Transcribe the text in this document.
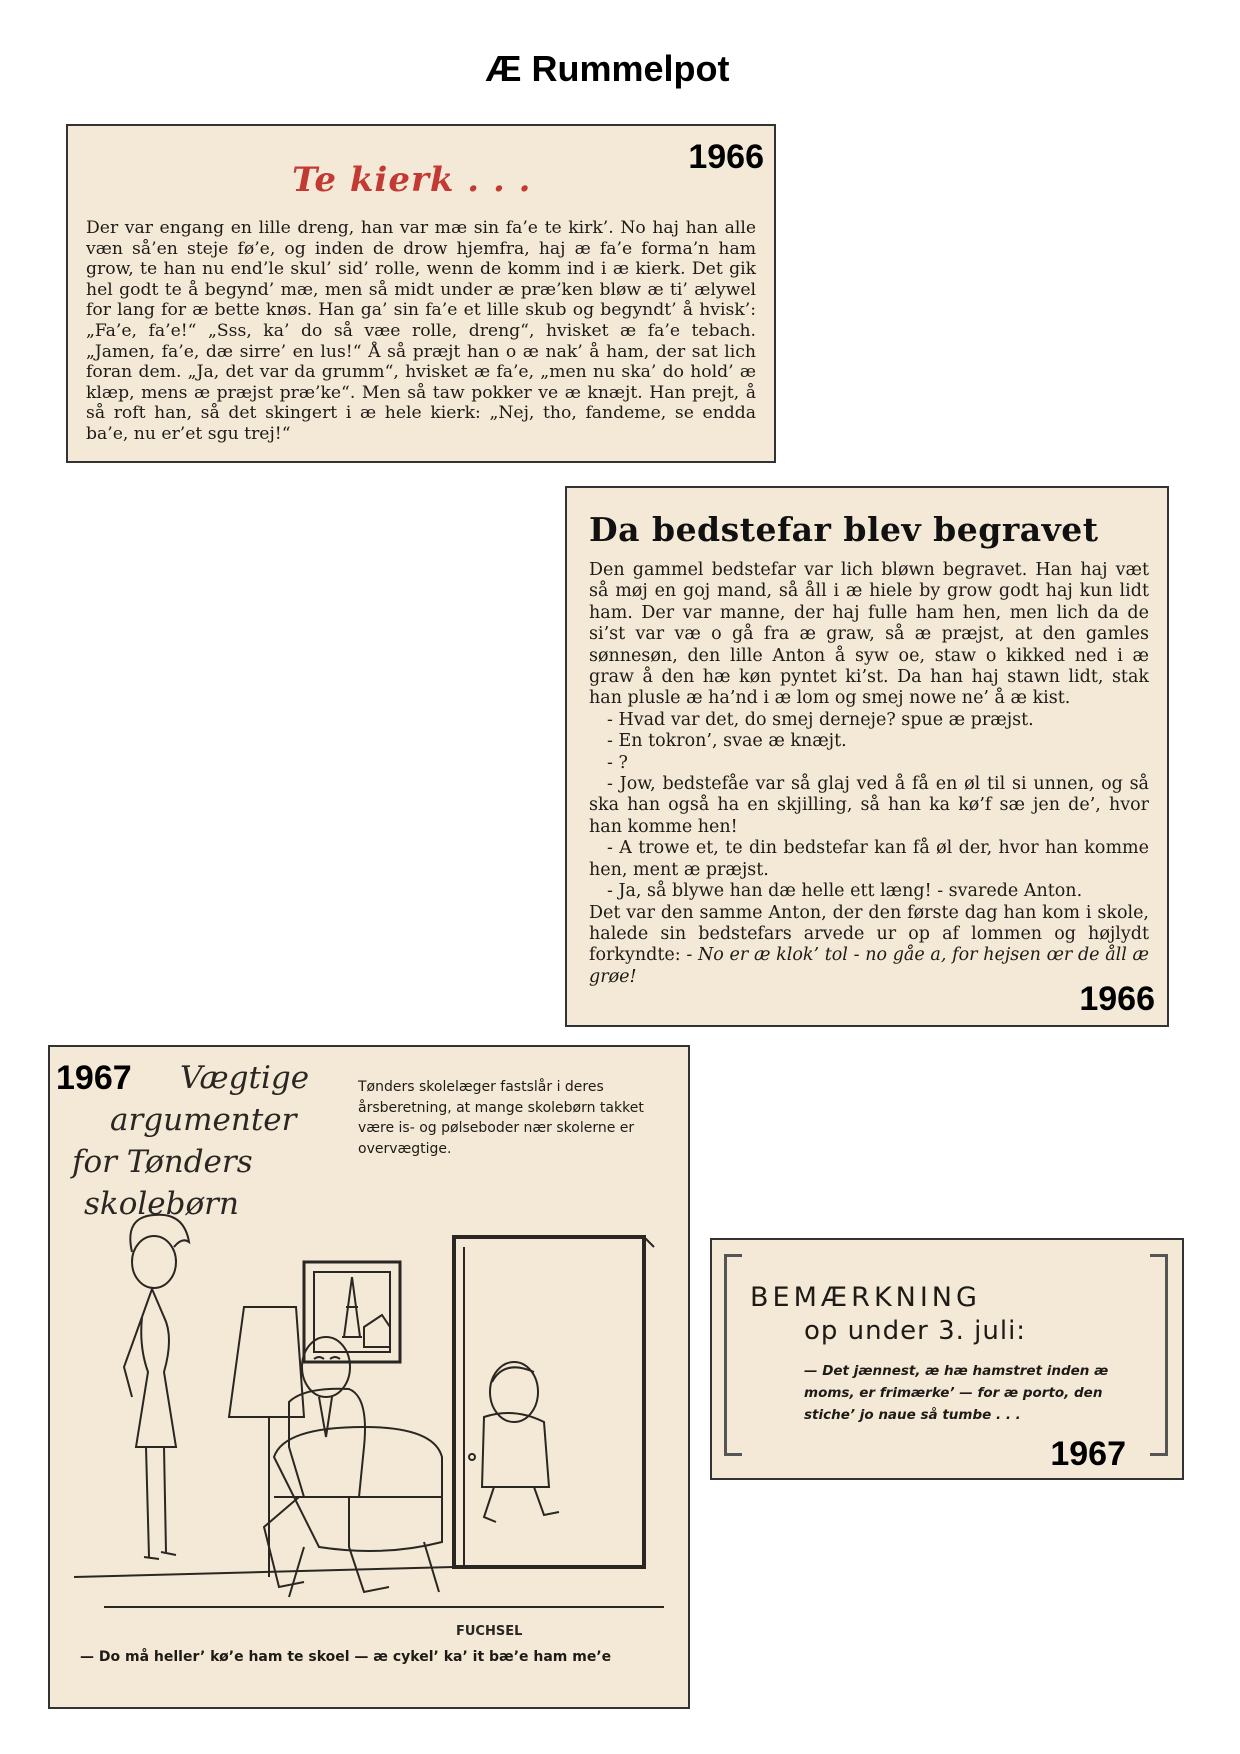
Æ Rummelpot
Te kierk . . .
1966
Der var engang en lille dreng, han var mæ sin fa’e te kirk’. No haj han alle væn så’en steje fø’e, og inden de drow hjemfra, haj æ fa’e forma’n ham grow, te han nu end’le skul’ sid’ rolle, wenn de komm ind i æ kierk. Det gik hel godt te å begynd’ mæ, men så midt under æ præ’ken bløw æ ti’ ælywel for lang for æ bette knøs. Han ga’ sin fa’e et lille skub og begyndt’ å hvisk’: „Fa’e, fa’e!“ „Sss, ka’ do så væe rolle, dreng“, hvisket æ fa’e tebach. „Jamen, fa’e, dæ sirre’ en lus!“ Å så præjt han o æ nak’ å ham, der sat lich foran dem. „Ja, det var da grumm“, hvisket æ fa’e, „men nu ska’ do hold’ æ klæp, mens æ præjst præ’ke“. Men så taw pokker ve æ knæjt. Han prejt, å så roft han, så det skingert i æ hele kierk: „Nej, tho, fandeme, se endda ba’e, nu er’et sgu trej!“
Da bedstefar blev begravet

Den gammel bedstefar var lich bløwn begravet. Han haj væt så møj en goj mand, så åll i æ hiele by grow godt haj kun lidt ham. Der var manne, der haj fulle ham hen, men lich da de si’st var væ o gå fra æ graw, så æ præjst, at den gamles sønnesøn, den lille Anton å syw oe, staw o kikked ned i æ graw å den hæ køn pyntet ki’st. Da han haj stawn lidt, stak han plusle æ ha’nd i æ lom og smej nowe ne’ å æ kist.

- Hvad var det, do smej derneje? spue æ præjst.

- En tokron’, svae æ knæjt.

- ?

- Jow, bedstefåe var så glaj ved å få en øl til si unnen, og så ska han også ha en skjilling, så han ka kø’f sæ jen de’, hvor han komme hen!

- A trowe et, te din bedstefar kan få øl der, hvor han komme hen, ment æ præjst.

- Ja, så blywe han dæ helle ett læng! - svarede Anton.

Det var den samme Anton, der den første dag han kom i skole, halede sin bedstefars arvede ur op af lommen og højlydt forkyndte: - No er æ klok’ tol - no gåe a, for hejsen œr de åll æ grøe!

1966
Vægtige
argumenter
for Tønders
skolebørn
1967	Tønders skolelæger fastslår i deres årsberetning, at mange skolebørn takket være is- og pølseboder nær skolerne er overvægtige.
FUCHSEL
— Do må heller’ kø’e ham te skoel — æ cykel’ ka’ it bæ’e ham me’e
BEMÆRKNING
op under 3. juli:
— Det jænnest, æ hæ hamstret inden æ moms, er frimærke’ — for æ porto, den stiche’ jo naue så tumbe . . .
1967
